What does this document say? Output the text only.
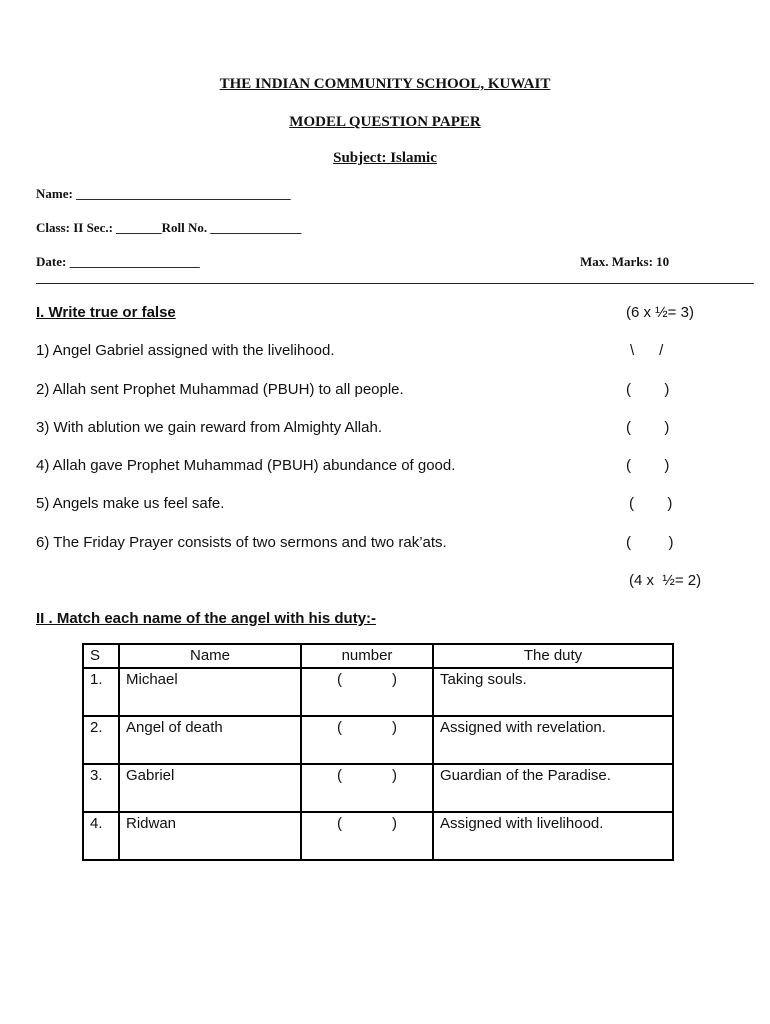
THE INDIAN COMMUNITY SCHOOL, KUWAIT
MODEL QUESTION PAPER
Subject: Islamic
Name: _________________________________
Class: II Sec.: _______Roll No. ______________
Date: ____________________	Max. Marks: 10
I. Write true or false	(6 x ½= 3)
1) Angel Gabriel assigned with the livelihood.	\      /
2) Allah sent Prophet Muhammad (PBUH) to all people.	(        )
3) With ablution we gain reward from Almighty Allah.	(        )
4) Allah gave Prophet Muhammad (PBUH) abundance of good.	(        )
5) Angels make us feel safe.	(        )
6) The Friday Prayer consists of two sermons and two rak’ats.	(         )
(4 x  ½= 2)
II . Match each name of the angel with his duty:-
S	Name	number	The duty
1.	Michael	(            )	Taking souls.
2.	Angel of death	(            )	Assigned with revelation.
3.	Gabriel	(            )	Guardian of the Paradise.
4.	Ridwan	(            )	Assigned with livelihood.
